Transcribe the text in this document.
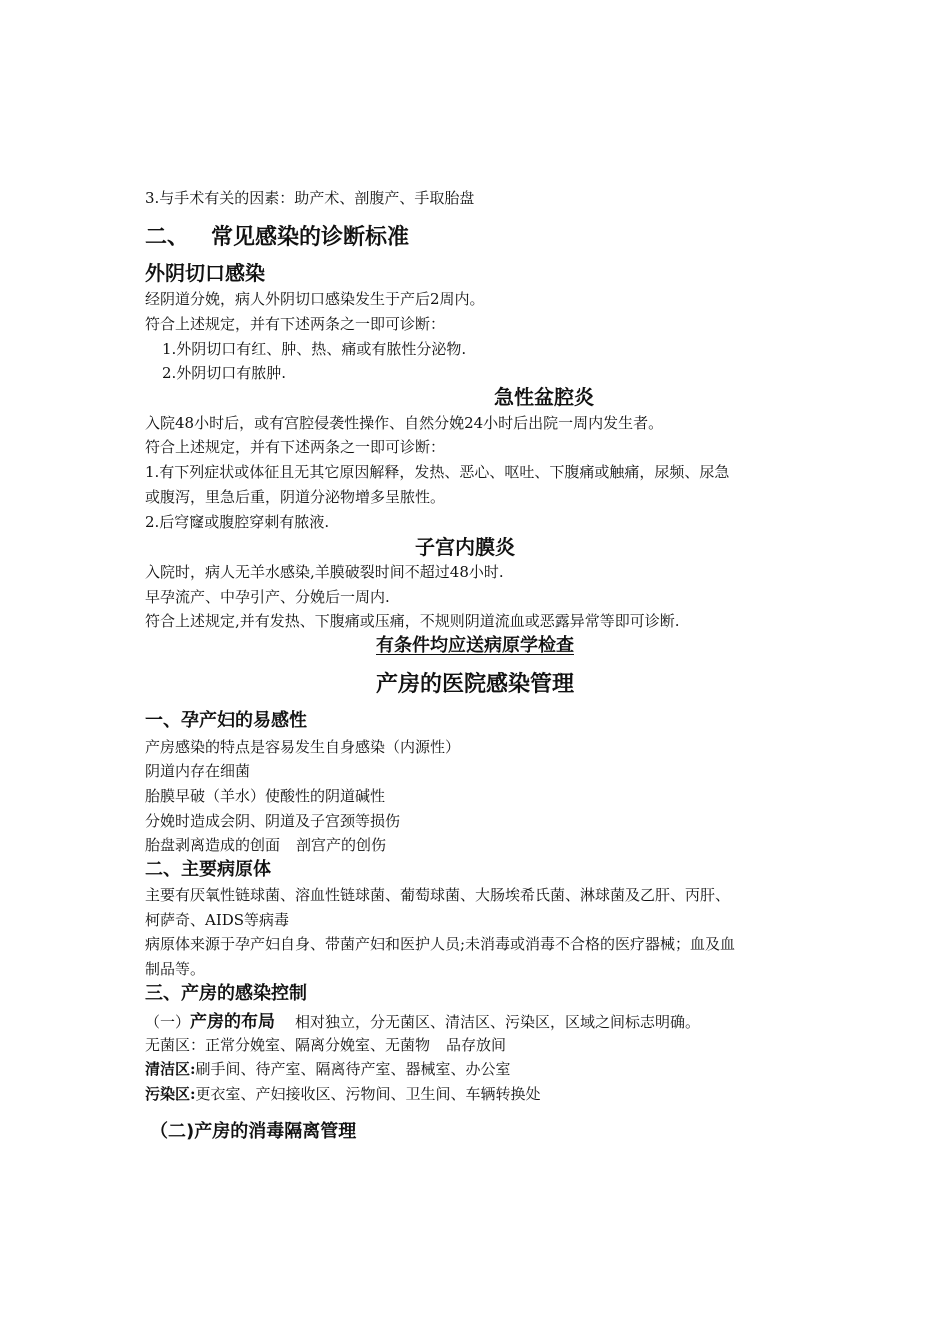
3.与手术有关的因素：助产术、剖腹产、手取胎盘
二、 常见感染的诊断标准
外阴切口感染
经阴道分娩，病人外阴切口感染发生于产后2周内。
符合上述规定，并有下述两条之一即可诊断：
1.外阴切口有红、肿、热、痛或有脓性分泌物.
2.外阴切口有脓肿.
急性盆腔炎
入院48小时后，或有宫腔侵袭性操作、自然分娩24小时后出院一周内发生者。
符合上述规定，并有下述两条之一即可诊断：
1.有下列症状或体征且无其它原因解释，发热、恶心、呕吐、下腹痛或触痛，尿频、尿急
或腹泻，里急后重，阴道分泌物增多呈脓性。
2.后穹窿或腹腔穿刺有脓液.
子宫内膜炎
入院时，病人无羊水感染,羊膜破裂时间不超过48小时.
早孕流产、中孕引产、分娩后一周内.
符合上述规定,并有发热、下腹痛或压痛，不规则阴道流血或恶露异常等即可诊断.
有条件均应送病原学检查
产房的医院感染管理
一、孕产妇的易感性
产房感染的特点是容易发生自身感染（内源性）
阴道内存在细菌
胎膜早破（羊水）使酸性的阴道碱性
分娩时造成会阴、阴道及子宫颈等损伤
胎盘剥离造成的创面 剖宫产的创伤
二、主要病原体
主要有厌氧性链球菌、溶血性链球菌、葡萄球菌、大肠埃希氏菌、淋球菌及乙肝、丙肝、
柯萨奇、AIDS等病毒
病原体来源于孕产妇自身、带菌产妇和医护人员;未消毒或消毒不合格的医疗器械；血及血
制品等。
三、产房的感染控制
（一）产房的布局 相对独立，分无菌区、清洁区、污染区，区域之间标志明确。
无菌区：正常分娩室、隔离分娩室、无菌物 品存放间
清洁区:刷手间、待产室、隔离待产室、器械室、办公室
污染区:更衣室、产妇接收区、污物间、卫生间、车辆转换处
（二)产房的消毒隔离管理
